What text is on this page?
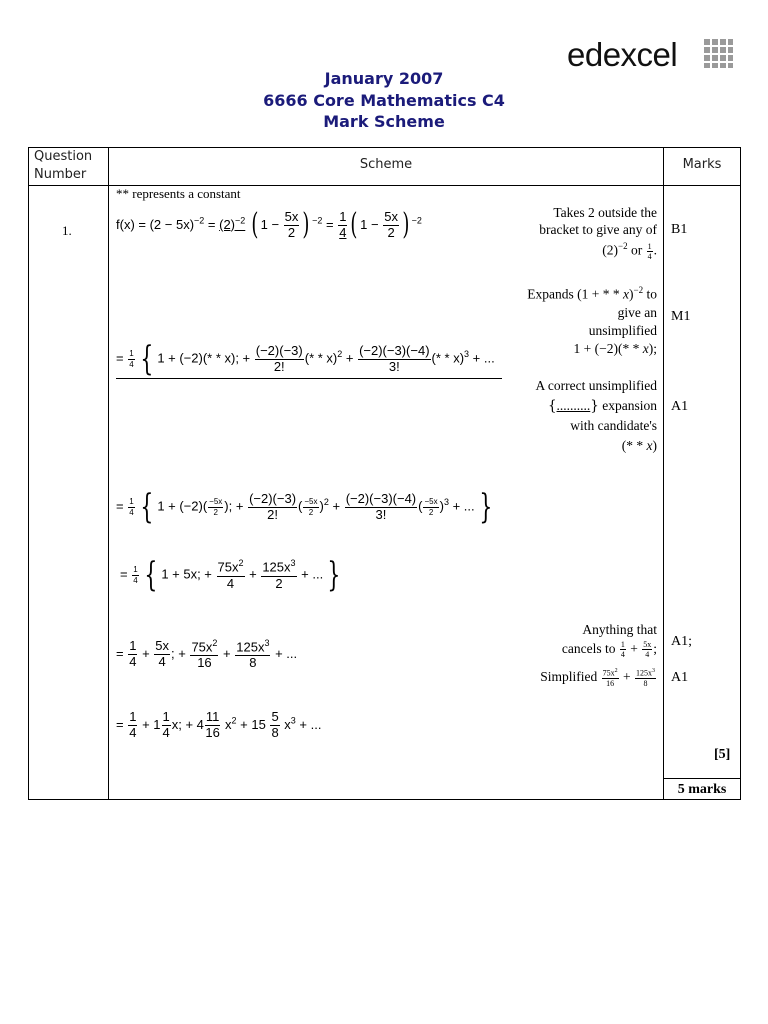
edexcel
January 2007
6666 Core Mathematics C4
Mark Scheme
Question Number
Scheme	Marks
1.
** represents a constant
$f(x) = (2 - 5x)^{-2} = (2)^{-2}$ ( $1 - \frac{5x}{2}$ ) $^{-2} = \frac{1}{4}$ ( $1 - \frac{5x}{2}$ ) $^{-2}$
Takes 2 outside the
bracket to give any of
$(2)^{-2}$ or $\frac{1}{4}$ .
B1
= $\frac{1}{4}$ { 1 + (−2)(* * x); + $\frac{(-2)(-3)}{2!}$ (* * $x)^2 + \frac{(-2)(-3)(-4)}{3!}$ (* * x)$^3$ + ...
Expands (1 + * * x)$^{-2}$ to
give an
unsimplified
1 + (−2)(* * x);
M1
A correct unsimplified
{..........} expansion
with candidate's
(* * x)
A1
= $\frac{1}{4}$ { $1 + (-2)( \frac{-5x}{2}$ ); + $\frac{(-2)(-3)}{2!}$ ( $\frac{-5x}{2} )^2 + \frac{(-2)(-3)(-4)}{3!}$ ( $\frac{-5x}{2} )^3$ + ... }
= $\frac{1}{4}$ { 1 + 5x; + $\frac{75x^2}{4} + \frac{125x^3}{2}$ + ... }
= $\frac{1}{4} + \frac{5x}{4}$ ; + $\frac{75x^2}{16} + \frac{125x^3}{8}$ + ...
Anything that
cancels to $\frac{1}{4} + \frac{5x}{4}$ ; A1;
Simplified $\frac{75x^2}{16} + \frac{125x^3}{8} A1$
= $\frac{1}{4} + 1 \frac{1}{4} x$; + $4 \frac{11}{16} x^2 + 15 \frac{5}{8} x^3$ + ...
[5]
5 marks
